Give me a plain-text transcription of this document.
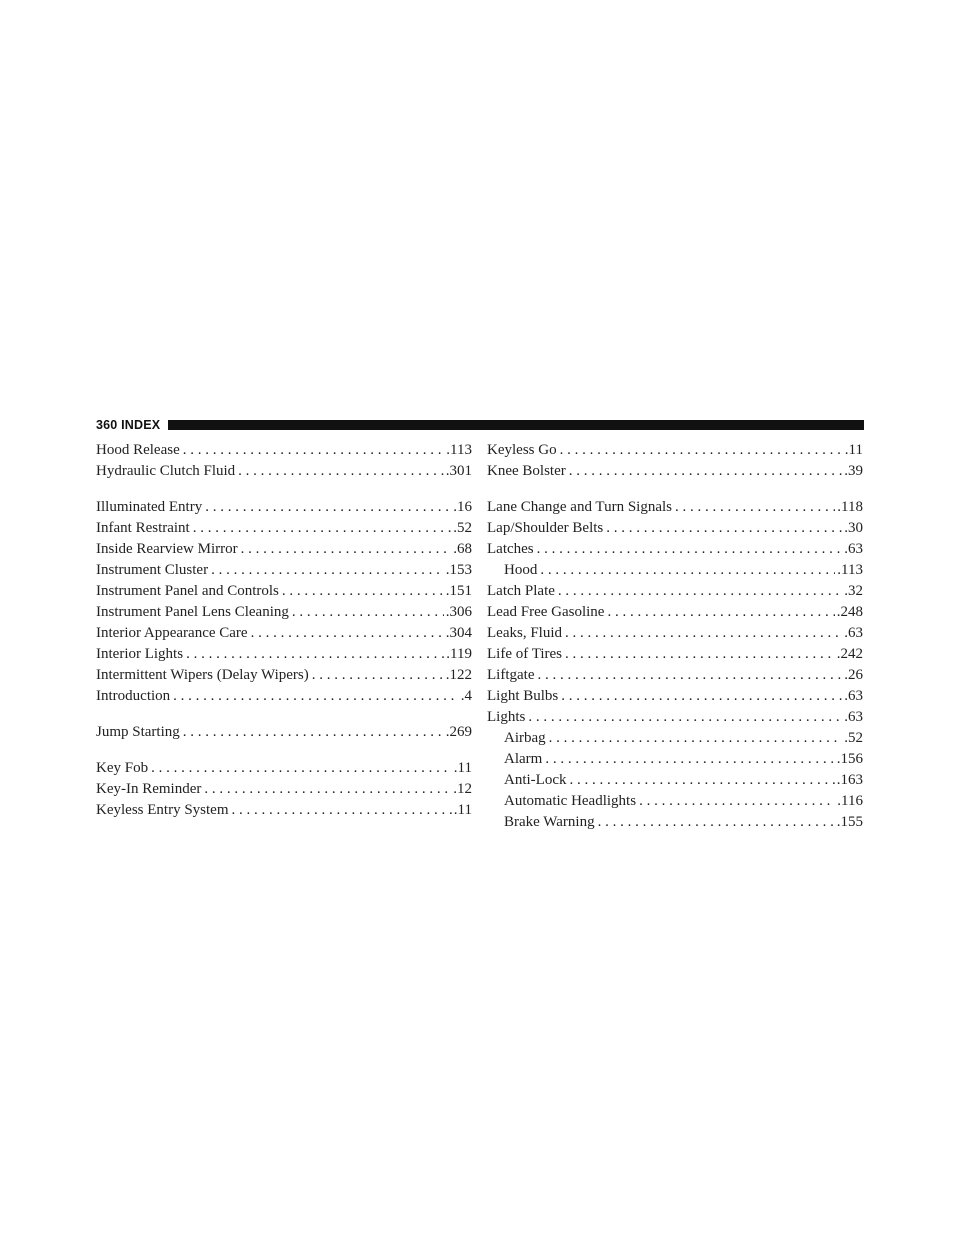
360 INDEX
Hood Release . . .	.113
Hydraulic Clutch Fluid . . .	.301
Illuminated Entry . . .	.16
Infant Restraint . . .	.52
Inside Rearview Mirror . . .	.68
Instrument Cluster . . .	.153
Instrument Panel and Controls . . .	.151
Instrument Panel Lens Cleaning . . .	.306
Interior Appearance Care . . .	.304
Interior Lights . . .	.119
Intermittent Wipers (Delay Wipers) . . .	.122
Introduction . . .	.4
Jump Starting . . .	.269
Key Fob . . .	.11
Key-In Reminder . . .	.12
Keyless Entry System . . .	.11
Keyless Go . . .	.11
Knee Bolster . . .	.39
Lane Change and Turn Signals . . .	.118
Lap/Shoulder Belts . . .	.30
Latches . . .	.63
Hood . . .	.113
Latch Plate . . .	.32
Lead Free Gasoline . . .	.248
Leaks, Fluid . . .	.63
Life of Tires . . .	.242
Liftgate . . .	.26
Light Bulbs . . .	.63
Lights . . .	.63
Airbag . . .	.52
Alarm . . .	.156
Anti-Lock . . .	.163
Automatic Headlights . . .	.116
Brake Warning . . .	.155
